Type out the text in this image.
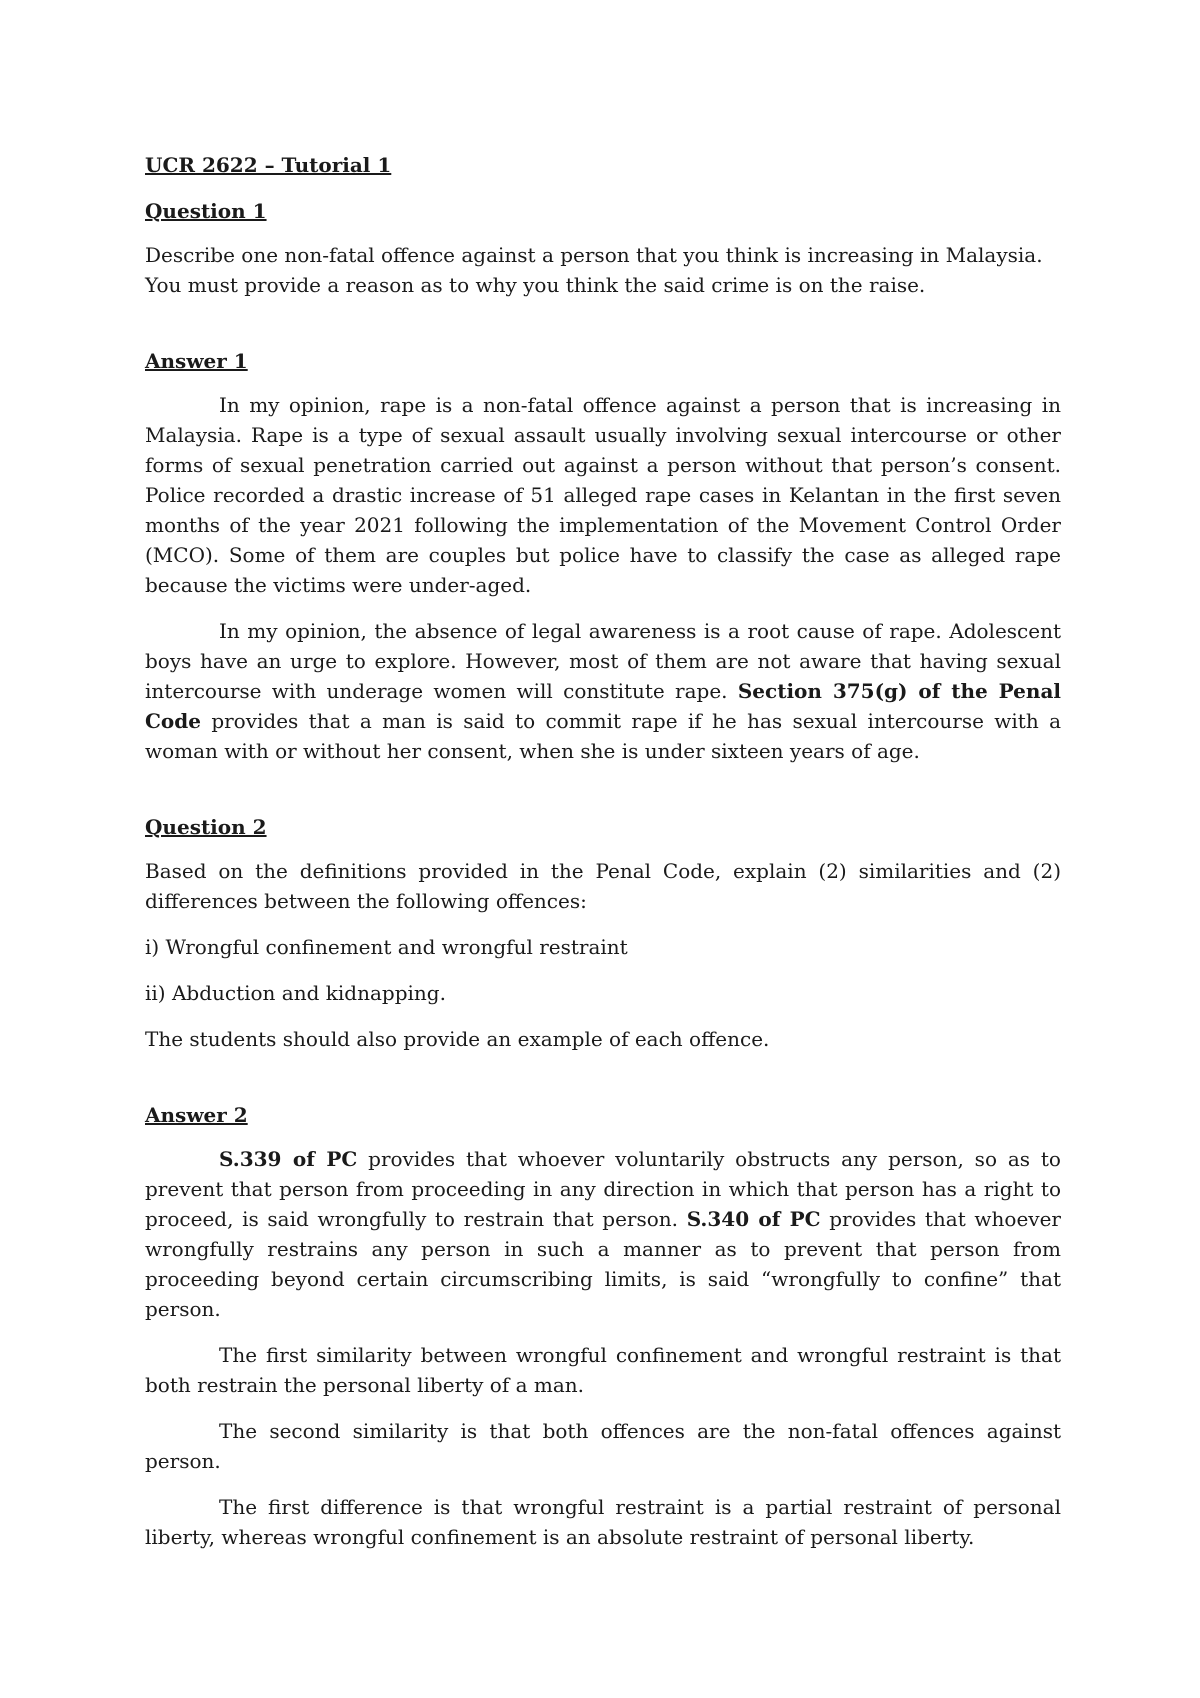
UCR 2622 – Tutorial 1
Question 1

Describe one non-fatal offence against a person that you think is increasing in Malaysia. You must provide a reason as to why you think the said crime is on the raise.

Answer 1

In my opinion, rape is a non-fatal offence against a person that is increasing in Malaysia. Rape is a type of sexual assault usually involving sexual intercourse or other forms of sexual penetration carried out against a person without that person’s consent. Police recorded a drastic increase of 51 alleged rape cases in Kelantan in the first seven months of the year 2021 following the implementation of the Movement Control Order (MCO). Some of them are couples but police have to classify the case as alleged rape because the victims were under-aged.

In my opinion, the absence of legal awareness is a root cause of rape. Adolescent boys have an urge to explore. However, most of them are not aware that having sexual intercourse with underage women will constitute rape. Section 375(g) of the Penal Code provides that a man is said to commit rape if he has sexual intercourse with a woman with or without her consent, when she is under sixteen years of age.

Question 2

Based on the definitions provided in the Penal Code, explain (2) similarities and (2) differences between the following offences:

i) Wrongful confinement and wrongful restraint

ii) Abduction and kidnapping.

The students should also provide an example of each offence.

Answer 2

S.339 of PC provides that whoever voluntarily obstructs any person, so as to prevent that person from proceeding in any direction in which that person has a right to proceed, is said wrongfully to restrain that person. S.340 of PC provides that whoever wrongfully restrains any person in such a manner as to prevent that person from proceeding beyond certain circumscribing limits, is said “wrongfully to confine” that person.

The first similarity between wrongful confinement and wrongful restraint is that both restrain the personal liberty of a man.

The second similarity is that both offences are the non-fatal offences against person.

The first difference is that wrongful restraint is a partial restraint of personal liberty, whereas wrongful confinement is an absolute restraint of personal liberty.
